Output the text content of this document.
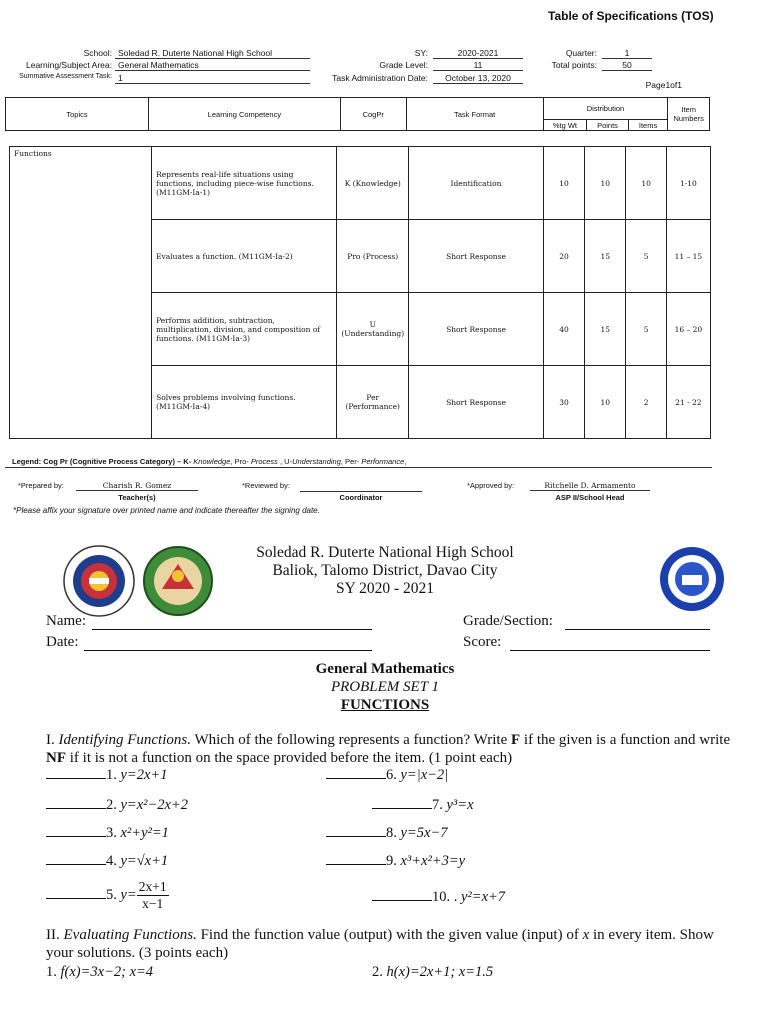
Table of Specifications (TOS)
School: Soledad R. Duterte National High School
Learning/Subject Area: General Mathematics
Summative Assessment Task: 1
SY:	2020-2021
Grade Level:	11
Task Administration Date:	October 13, 2020
Quarter:	1
Total points:	50
Page1of1
Topics	Learning Competency	CogPr	Task Format	Distribution			Item Numbers
				%tg Wt	Points	Items	
Functions	Represents real-life situations using functions, including piece-wise functions. (M11GM-Ia-1)	K (Knowledge)	Identification	10	10	10	1-10
	Evaluates a function. (M11GM-Ia-2)	Pro (Process)	Short Response	20	15	5	11 – 15
	Performs addition, subtraction, multiplication, division, and composition of functions. (M11GM-Ia-3)	U (Understanding)	Short Response	40	15	5	16 – 20
	Solves problems involving functions. (M11GM-Ia-4)	Per (Performance)	Short Response	30	10	2	21 - 22
Legend: Cog Pr (Cognitive Process Category) – K- Knowledge, Pro- Process , U-Understanding, Per- Performance,
*Prepared by:	Charish R. Gomez
Teacher(s)
*Reviewed by:
Coordinator
*Approved by:	Ritchelle D. Armamento
ASP II/School Head
*Please affix your signature over printed name and indicate thereafter the signing date.
Soledad R. Duterte National High School
Baliok, Talomo District, Davao City
SY 2020 - 2021
Name:
Date:
Grade/Section:
Score:
General Mathematics
PROBLEM SET 1
FUNCTIONS
I. Identifying Functions. Which of the following represents a function? Write F if the given is a function and write NF if it is not a function on the space provided before the item. (1 point each)
1. y=2x+1
2. y=x²−2x+2
3. x²+y²=1
4. y=√x+1
5. $y= \frac{2x+1}{x-1}$
6. y=|x−2|
7. y³=x
8. y=5x−7
9. x³+x²+3=y
10. . y²=x+7
II. Evaluating Functions. Find the function value (output) with the given value (input) of x in every item. Show your solutions. (3 points each)
1. f(x)=3x−2; x=4	2. h(x)=2x+1; x=1.5
